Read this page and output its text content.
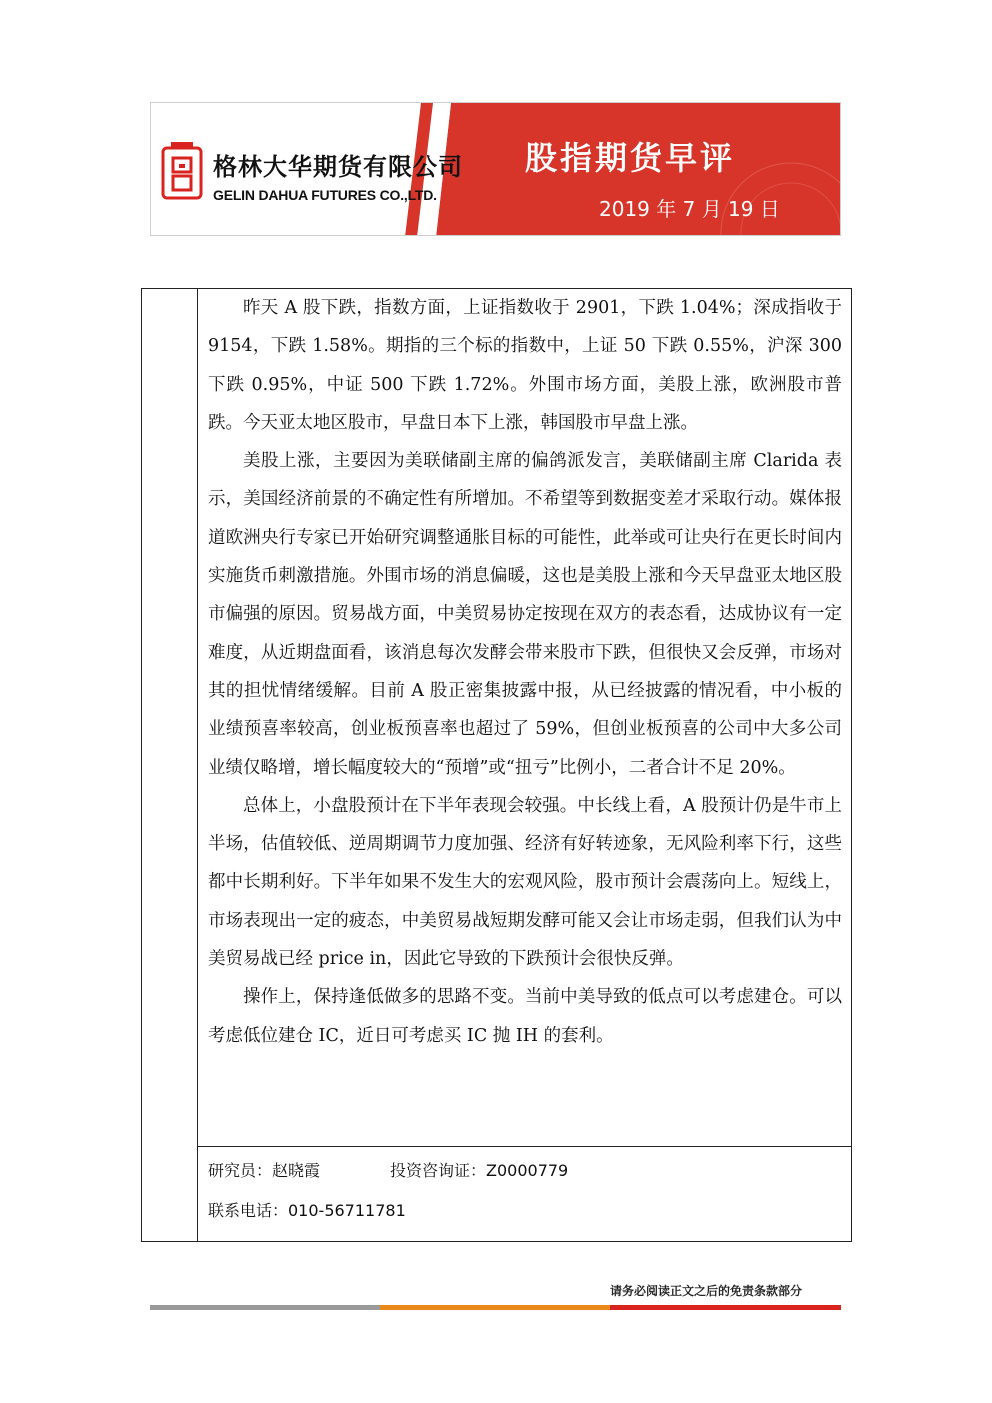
格林大华期货有限公司
GELIN DAHUA FUTURES CO.,LTD.
股指期货早评
2019 年 7 月 19 日

昨天 A 股下跌，指数方面，上证指数收于 2901，下跌 1.04%；深成指收于 9154，下跌 1.58%。期指的三个标的指数中，上证 50 下跌 0.55%，沪深 300 下跌 0.95%，中证 500 下跌 1.72%。外围市场方面，美股上涨，欧洲股市普跌。今天亚太地区股市，早盘日本下上涨，韩国股市早盘上涨。

美股上涨，主要因为美联储副主席的偏鸽派发言，美联储副主席 Clarida 表示，美国经济前景的不确定性有所增加。不希望等到数据变差才采取行动。媒体报道欧洲央行专家已开始研究调整通胀目标的可能性，此举或可让央行在更长时间内实施货币刺激措施。外围市场的消息偏暖，这也是美股上涨和今天早盘亚太地区股市偏强的原因。贸易战方面，中美贸易协定按现在双方的表态看，达成协议有一定难度，从近期盘面看，该消息每次发酵会带来股市下跌，但很快又会反弹，市场对其的担忧情绪缓解。目前 A 股正密集披露中报，从已经披露的情况看，中小板的业绩预喜率较高，创业板预喜率也超过了 59%，但创业板预喜的公司中大多公司业绩仅略增，增长幅度较大的“预增”或“扭亏”比例小，二者合计不足 20%。

总体上，小盘股预计在下半年表现会较强。中长线上看，A 股预计仍是牛市上半场，估值较低、逆周期调节力度加强、经济有好转迹象，无风险利率下行，这些都中长期利好。下半年如果不发生大的宏观风险，股市预计会震荡向上。短线上，市场表现出一定的疲态，中美贸易战短期发酵可能又会让市场走弱，但我们认为中美贸易战已经 price in，因此它导致的下跌预计会很快反弹。

操作上，保持逢低做多的思路不变。当前中美导致的低点可以考虑建仓。可以考虑低位建仓 IC，近日可考虑买 IC 抛 IH 的套利。

研究员：赵晓霞	投资咨询证：Z0000779
联系电话：010-56711781
请务必阅读正文之后的免责条款部分
